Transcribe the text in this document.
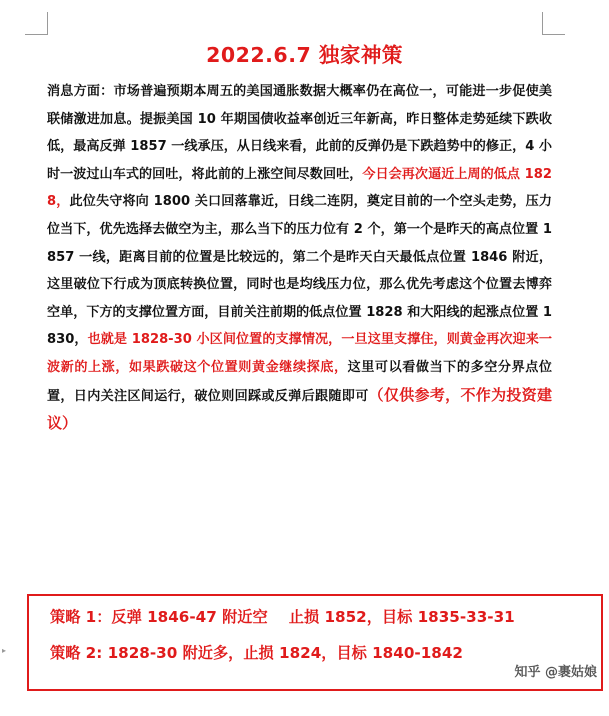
2022.6.7 独家神策
消息方面：市场普遍预期本周五的美国通胀数据大概率仍在高位一，可能进一步促使美联储激进加息。提振美国 10 年期国债收益率创近三年新高，昨日整体走势延续下跌收低，最高反弹 1857 一线承压，从日线来看，此前的反弹仍是下跌趋势中的修正，4 小时一波过山车式的回吐，将此前的上涨空间尽数回吐，今日会再次逼近上周的低点 1828，此位失守将向 1800 关口回落靠近，日线二连阴，奠定目前的一个空头走势，压力位当下，优先选择去做空为主，那么当下的压力位有 2 个，第一个是昨天的高点位置 1857 一线，距离目前的位置是比较远的，第二个是昨天白天最低点位置 1846 附近，这里破位下行成为顶底转换位置，同时也是均线压力位，那么优先考虑这个位置去博弈空单，下方的支撑位置方面，目前关注前期的低点位置 1828 和大阳线的起涨点位置 1830，也就是 1828-30 小区间位置的支撑情况，一旦这里支撑住，则黄金再次迎来一波新的上涨，如果跌破这个位置则黄金继续探底，这里可以看做当下的多空分界点位置，日内关注区间运行，破位则回踩或反弹后跟随即可（仅供参考，不作为投资建议）
策略 1：反弹 1846-47 附近空    止损 1852，目标 1835-33-31
策略 2: 1828-30 附近多，止损 1824，目标 1840-1842
▸
知乎 @裹姑娘
